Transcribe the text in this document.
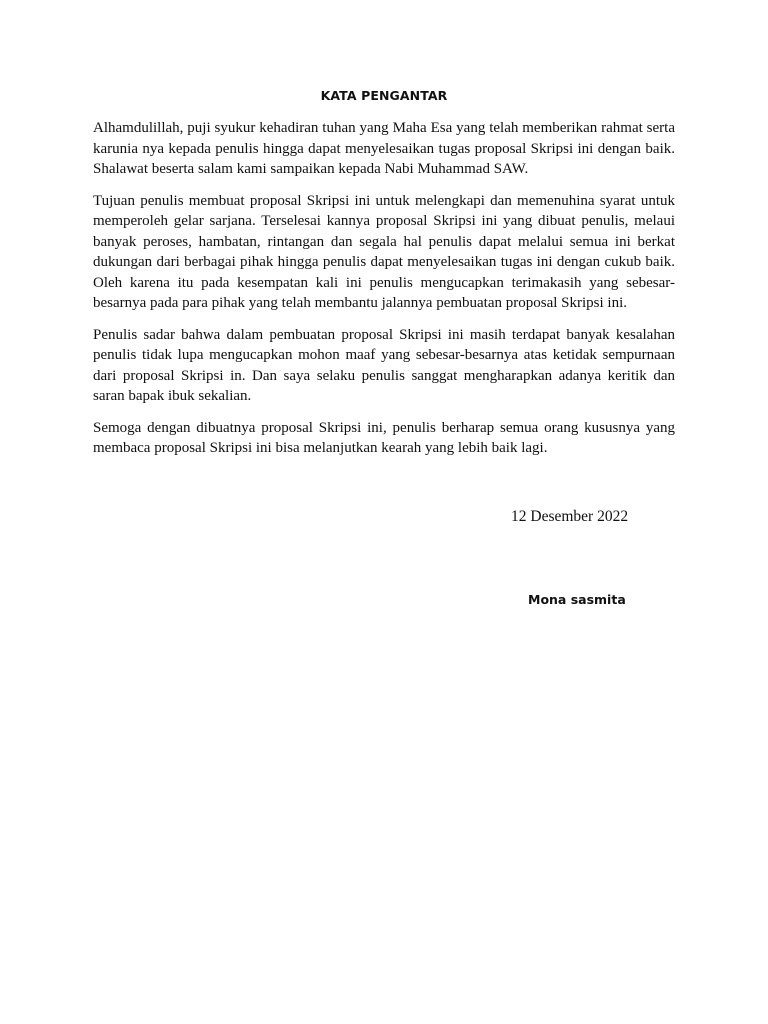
KATA PENGANTAR

Alhamdulillah, puji syukur kehadiran tuhan yang Maha Esa yang telah memberikan rahmat serta karunia nya kepada penulis hingga dapat menyelesaikan tugas proposal Skripsi ini dengan baik. Shalawat beserta salam kami sampaikan kepada Nabi Muhammad SAW.

Tujuan penulis membuat proposal Skripsi ini untuk melengkapi dan memenuhina syarat untuk memperoleh gelar sarjana. Terselesai kannya proposal Skripsi ini yang dibuat penulis, melaui banyak peroses, hambatan, rintangan dan segala hal penulis dapat melalui semua ini berkat dukungan dari berbagai pihak hingga penulis dapat menyelesaikan tugas ini dengan cukub baik. Oleh karena itu pada kesempatan kali ini penulis mengucapkan terimakasih yang sebesar- besarnya pada para pihak yang telah membantu jalannya pembuatan proposal Skripsi ini.

Penulis sadar bahwa dalam pembuatan proposal Skripsi ini masih terdapat banyak kesalahan penulis tidak lupa mengucapkan mohon maaf yang sebesar-besarnya atas ketidak sempurnaan dari proposal Skripsi in. Dan saya selaku penulis sanggat mengharapkan adanya keritik dan saran bapak ibuk sekalian.

Semoga dengan dibuatnya proposal Skripsi ini, penulis berharap semua orang kususnya yang membaca proposal Skripsi ini bisa melanjutkan kearah yang lebih baik lagi.

12 Desember 2022
Mona sasmita
